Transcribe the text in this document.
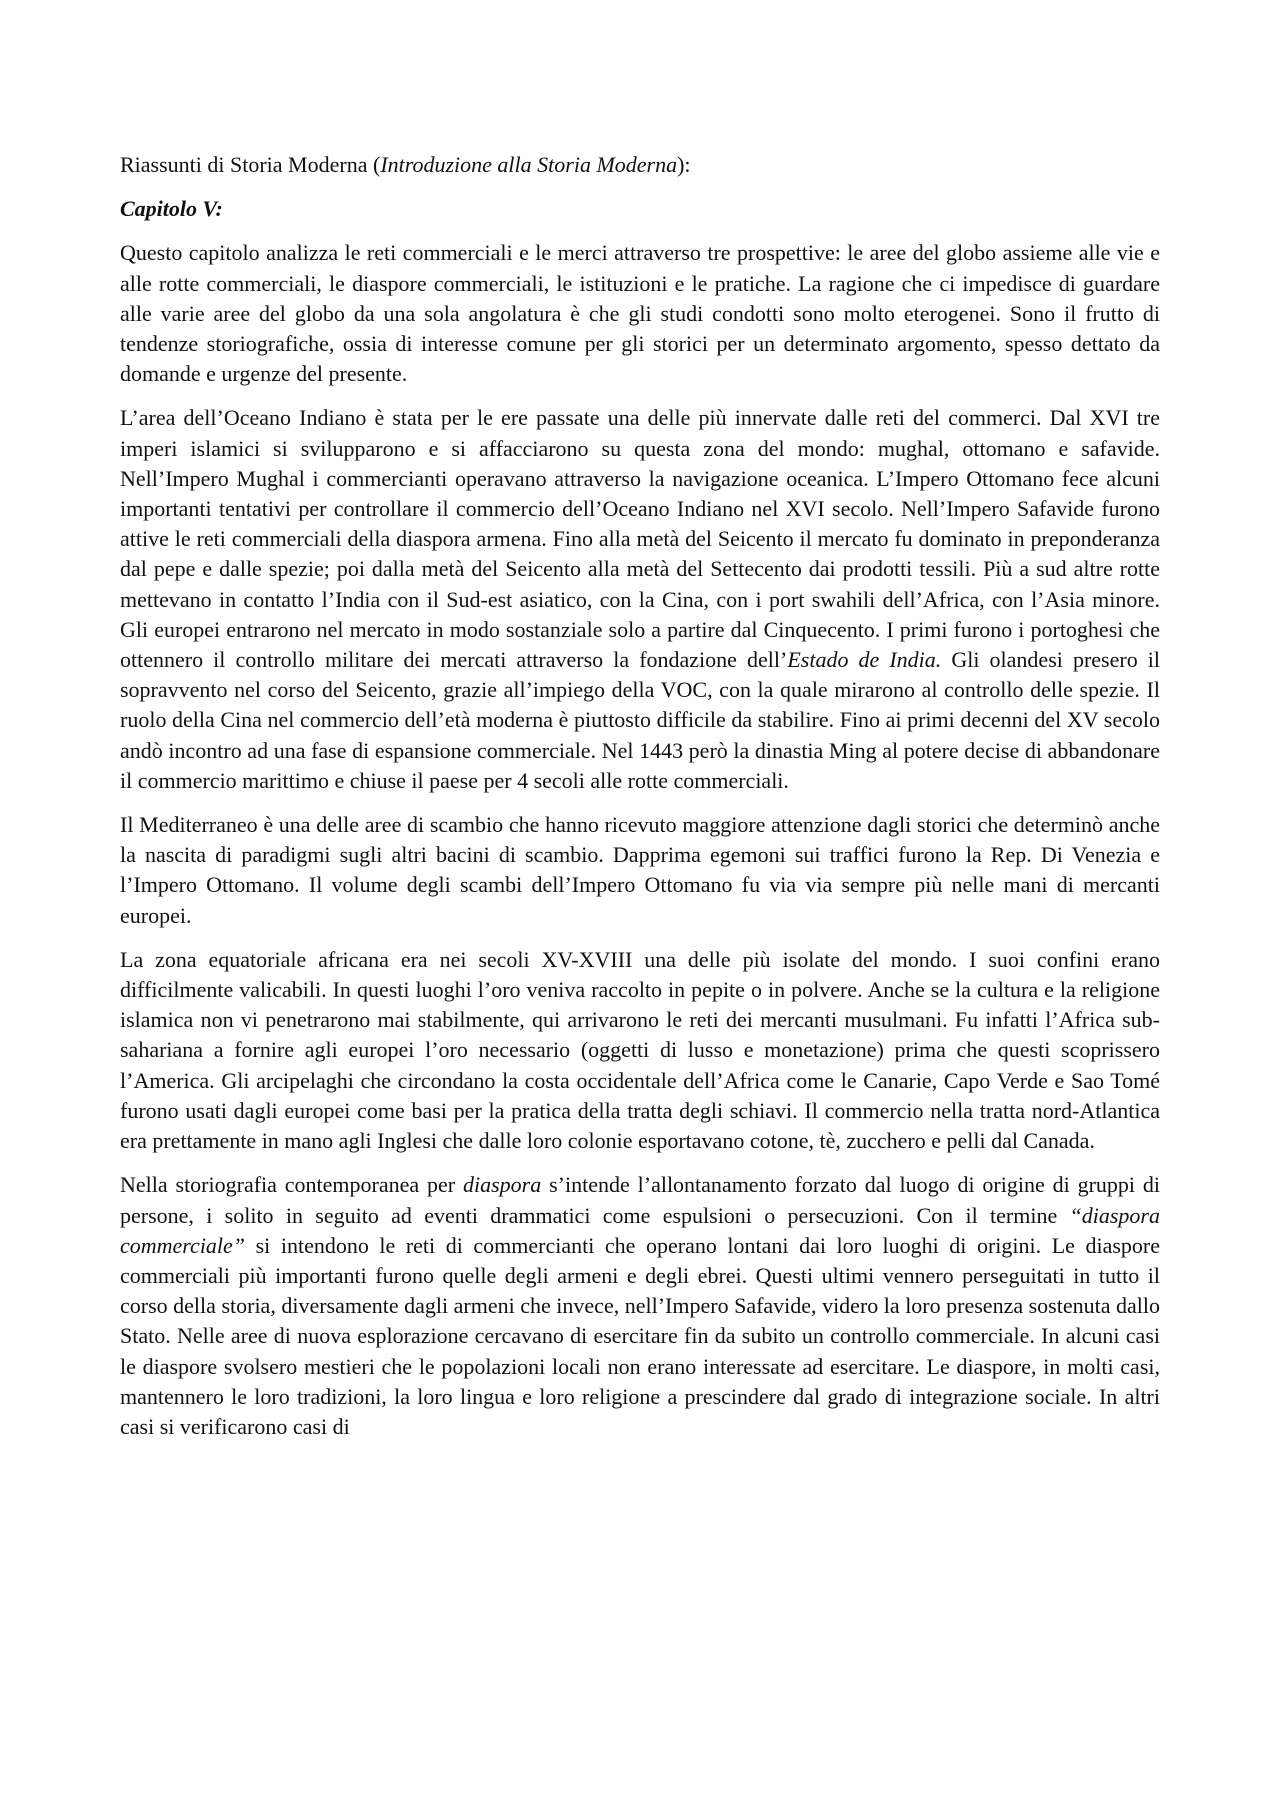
Riassunti di Storia Moderna (Introduzione alla Storia Moderna):

Capitolo V:

Questo capitolo analizza le reti commerciali e le merci attraverso tre prospettive: le aree del globo assieme alle vie e alle rotte commerciali, le diaspore commerciali, le istituzioni e le pratiche. La ragione che ci impedisce di guardare alle varie aree del globo da una sola angolatura è che gli studi condotti sono molto eterogenei. Sono il frutto di tendenze storiografiche, ossia di interesse comune per gli storici per un determinato argomento, spesso dettato da domande e urgenze del presente.

L’area dell’Oceano Indiano è stata per le ere passate una delle più innervate dalle reti del commerci. Dal XVI tre imperi islamici si svilupparono e si affacciarono su questa zona del mondo: mughal, ottomano e safavide. Nell’Impero Mughal i commercianti operavano attraverso la navigazione oceanica. L’Impero Ottomano fece alcuni importanti tentativi per controllare il commercio dell’Oceano Indiano nel XVI secolo. Nell’Impero Safavide furono attive le reti commerciali della diaspora armena. Fino alla metà del Seicento il mercato fu dominato in preponderanza dal pepe e dalle spezie; poi dalla metà del Seicento alla metà del Settecento dai prodotti tessili. Più a sud altre rotte mettevano in contatto l’India con il Sud-est asiatico, con la Cina, con i port swahili dell’Africa, con l’Asia minore. Gli europei entrarono nel mercato in modo sostanziale solo a partire dal Cinquecento. I primi furono i portoghesi che ottennero il controllo militare dei mercati attraverso la fondazione dell’Estado de India. Gli olandesi presero il sopravvento nel corso del Seicento, grazie all’impiego della VOC, con la quale mirarono al controllo delle spezie. Il ruolo della Cina nel commercio dell’età moderna è piuttosto difficile da stabilire. Fino ai primi decenni del XV secolo andò incontro ad una fase di espansione commerciale. Nel 1443 però la dinastia Ming al potere decise di abbandonare il commercio marittimo e chiuse il paese per 4 secoli alle rotte commerciali.

Il Mediterraneo è una delle aree di scambio che hanno ricevuto maggiore attenzione dagli storici che determinò anche la nascita di paradigmi sugli altri bacini di scambio. Dapprima egemoni sui traffici furono la Rep. Di Venezia e l’Impero Ottomano. Il volume degli scambi dell’Impero Ottomano fu via via sempre più nelle mani di mercanti europei.

La zona equatoriale africana era nei secoli XV-XVIII una delle più isolate del mondo. I suoi confini erano difficilmente valicabili. In questi luoghi l’oro veniva raccolto in pepite o in polvere. Anche se la cultura e la religione islamica non vi penetrarono mai stabilmente, qui arrivarono le reti dei mercanti musulmani. Fu infatti l’Africa sub-sahariana a fornire agli europei l’oro necessario (oggetti di lusso e monetazione) prima che questi scoprissero l’America. Gli arcipelaghi che circondano la costa occidentale dell’Africa come le Canarie, Capo Verde e Sao Tomé furono usati dagli europei come basi per la pratica della tratta degli schiavi. Il commercio nella tratta nord-Atlantica era prettamente in mano agli Inglesi che dalle loro colonie esportavano cotone, tè, zucchero e pelli dal Canada.

Nella storiografia contemporanea per diaspora s’intende l’allontanamento forzato dal luogo di origine di gruppi di persone, i solito in seguito ad eventi drammatici come espulsioni o persecuzioni. Con il termine “diaspora commerciale” si intendono le reti di commercianti che operano lontani dai loro luoghi di origini. Le diaspore commerciali più importanti furono quelle degli armeni e degli ebrei. Questi ultimi vennero perseguitati in tutto il corso della storia, diversamente dagli armeni che invece, nell’Impero Safavide, videro la loro presenza sostenuta dallo Stato. Nelle aree di nuova esplorazione cercavano di esercitare fin da subito un controllo commerciale. In alcuni casi le diaspore svolsero mestieri che le popolazioni locali non erano interessate ad esercitare. Le diaspore, in molti casi, mantennero le loro tradizioni, la loro lingua e loro religione a prescindere dal grado di integrazione sociale. In altri casi si verificarono casi di
